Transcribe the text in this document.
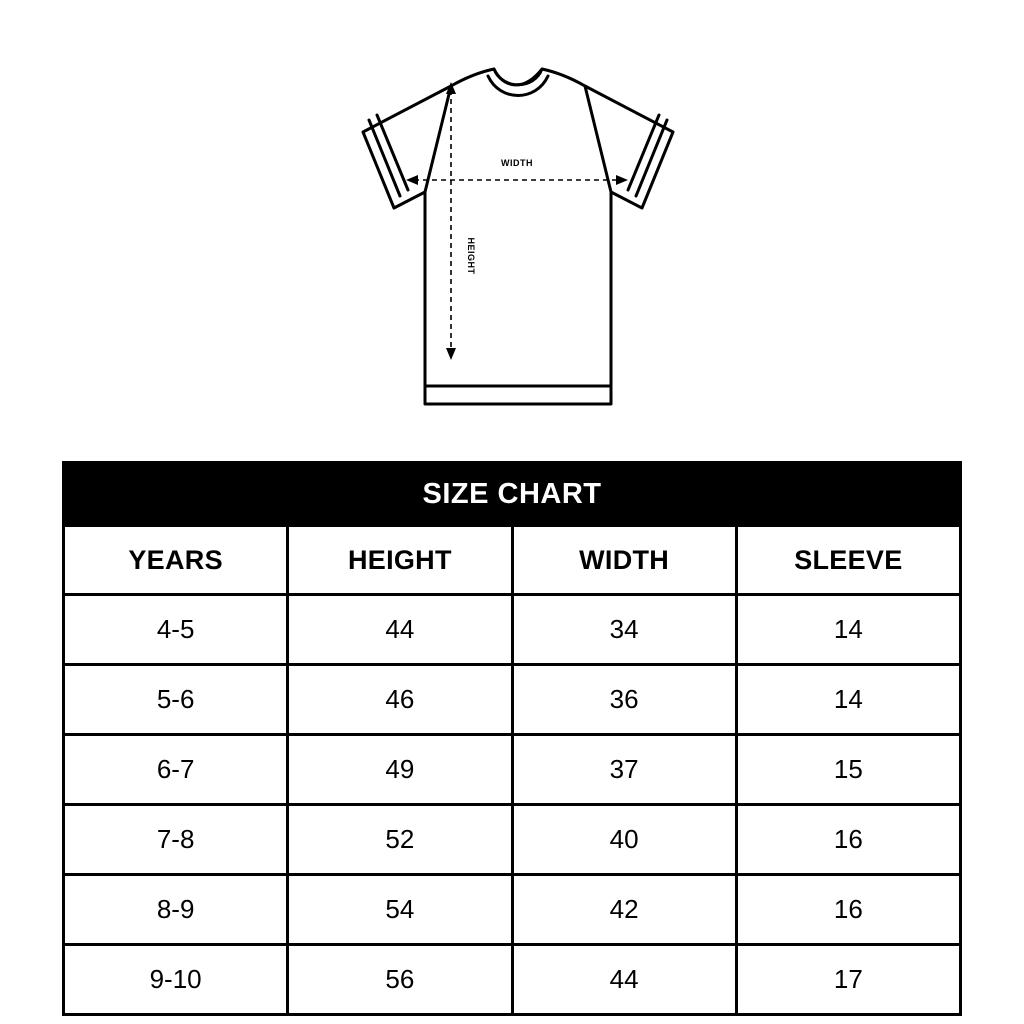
WIDTH
HEIGHT
SIZE CHART			
YEARS	HEIGHT	WIDTH	SLEEVE
4-5	44	34	14
5-6	46	36	14
6-7	49	37	15
7-8	52	40	16
8-9	54	42	16
9-10	56	44	17
